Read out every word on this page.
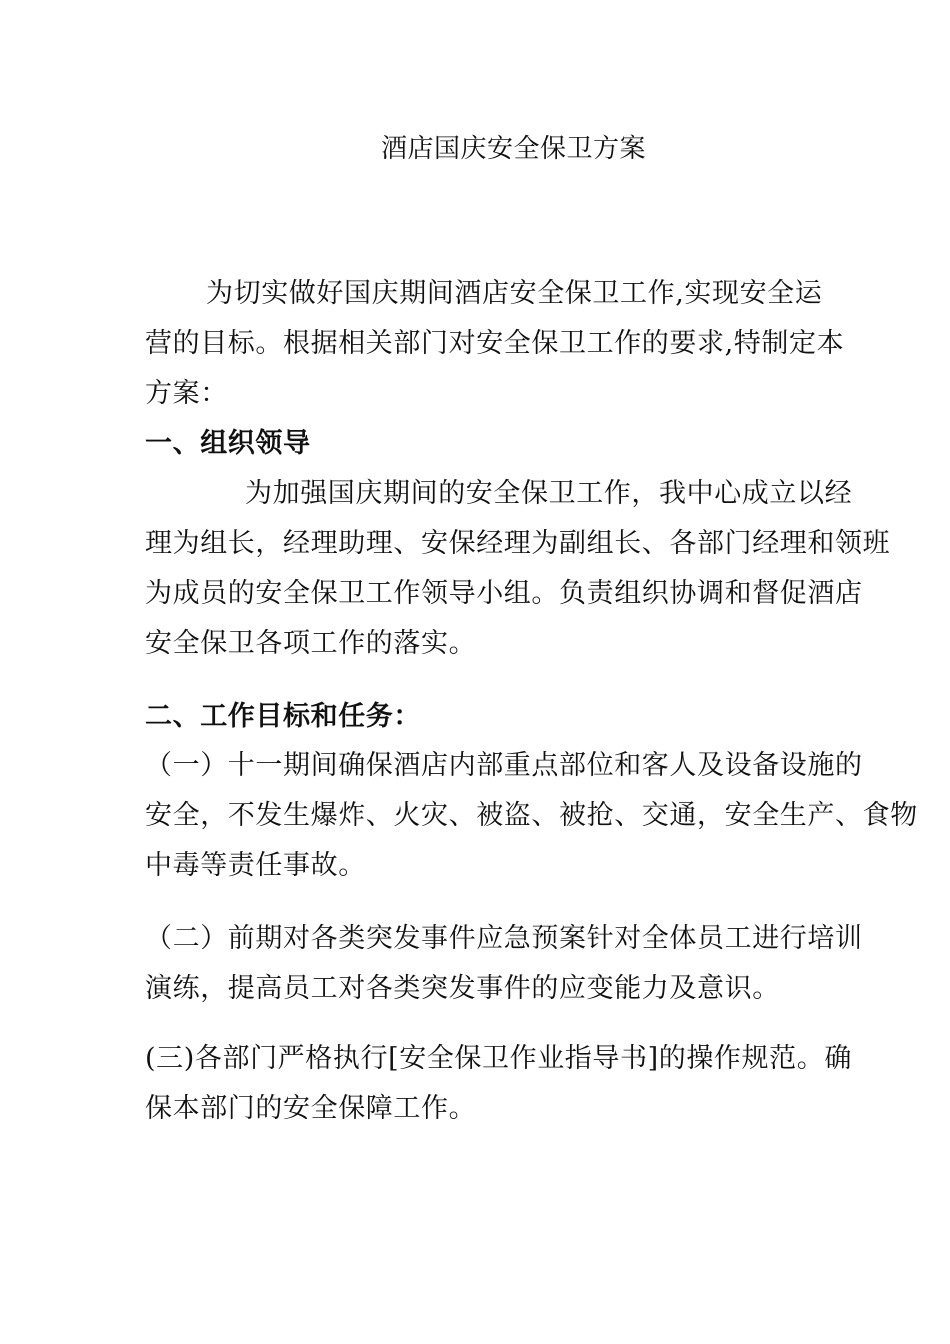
酒店国庆安全保卫方案
为切实做好国庆期间酒店安全保卫工作,实现安全运
营的目标。根据相关部门对安全保卫工作的要求,特制定本
方案：
一、组织领导
为加强国庆期间的安全保卫工作，我中心成立以经
理为组长，经理助理、安保经理为副组长、各部门经理和领班
为成员的安全保卫工作领导小组。负责组织协调和督促酒店
安全保卫各项工作的落实。
二、工作目标和任务：
（一）十一期间确保酒店内部重点部位和客人及设备设施的
安全，不发生爆炸、火灾、被盗、被抢、交通，安全生产、食物
中毒等责任事故。
（二）前期对各类突发事件应急预案针对全体员工进行培训
演练，提高员工对各类突发事件的应变能力及意识。
(三)各部门严格执行[安全保卫作业指导书]的操作规范。确
保本部门的安全保障工作。
